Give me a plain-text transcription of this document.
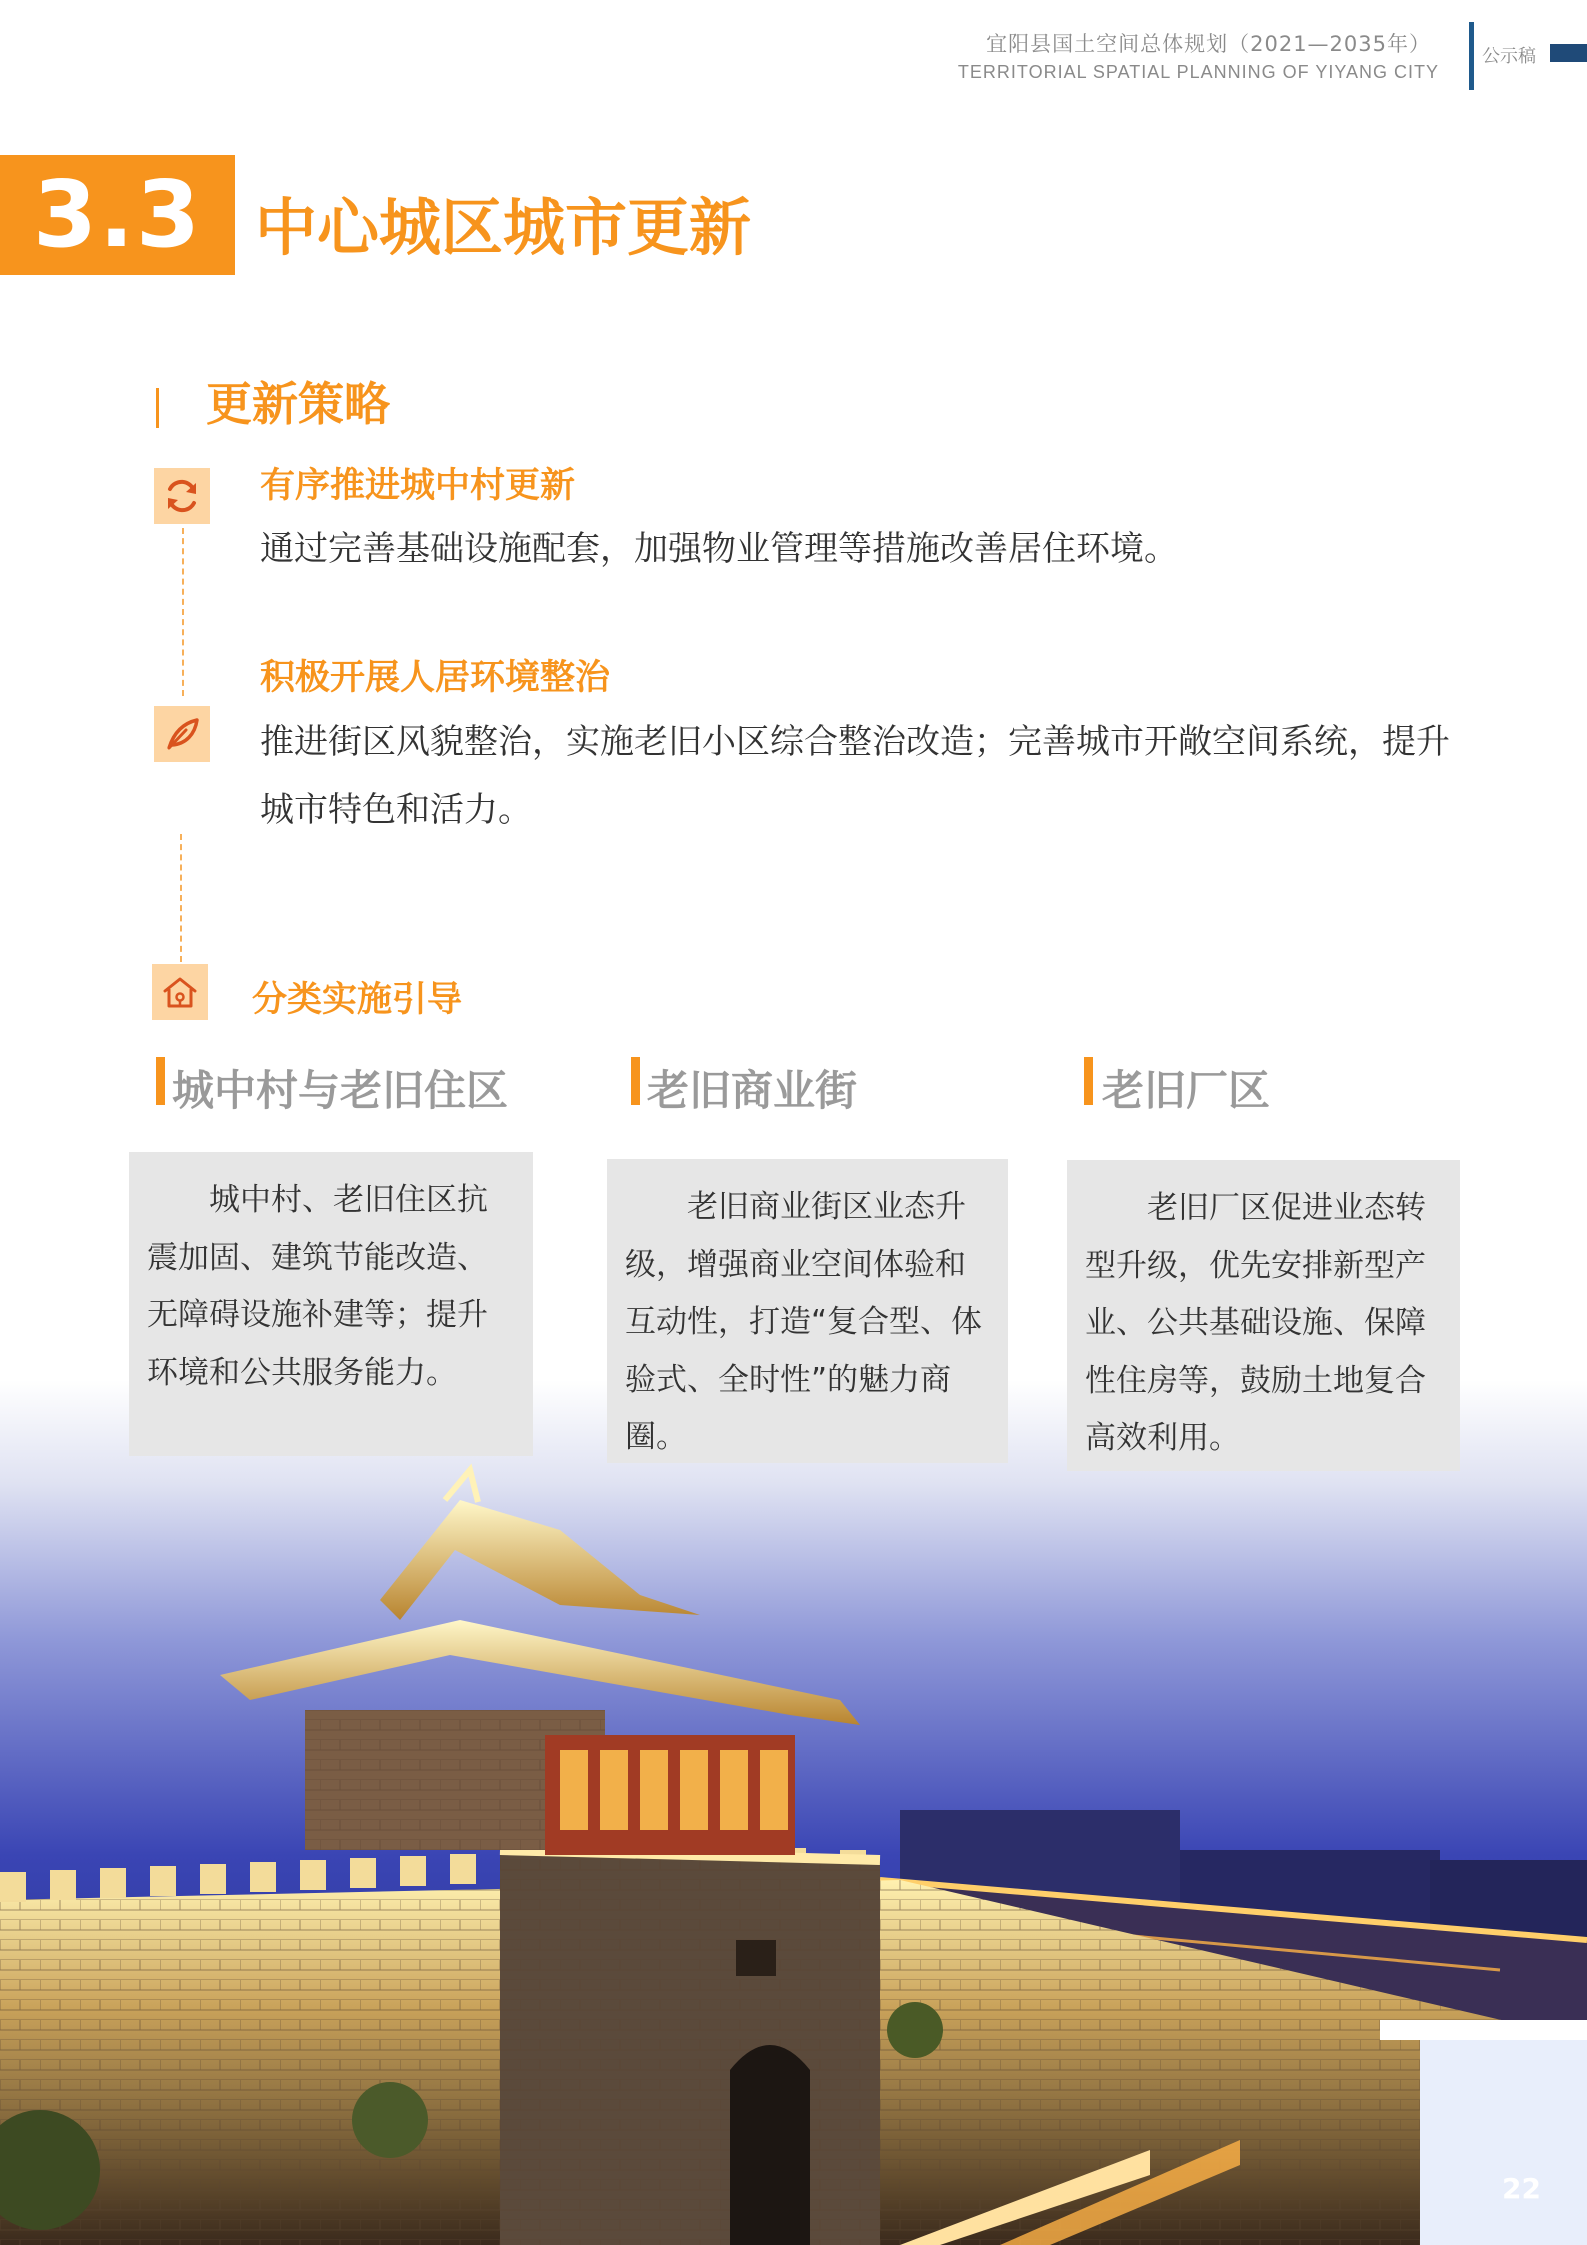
宜阳县国土空间总体规划（2021—2035年）
TERRITORIAL SPATIAL PLANNING OF YIYANG CITY
公示稿
3.3 中心城区城市更新
更新策略
有序推进城中村更新
通过完善基础设施配套，加强物业管理等措施改善居住环境。
积极开展人居环境整治
推进街区风貌整治，实施老旧小区综合整治改造；完善城市开敞空间系统，提升城市特色和活力。
分类实施引导
城中村与老旧住区	老旧商业街	老旧厂区
城中村、老旧住区抗震加固、建筑节能改造、无障碍设施补建等；提升环境和公共服务能力。
老旧商业街区业态升级，增强商业空间体验和互动性，打造“复合型、体验式、全时性”的魅力商圈。
老旧厂区促进业态转型升级，优先安排新型产业、公共基础设施、保障性住房等，鼓励土地复合高效利用。
22
